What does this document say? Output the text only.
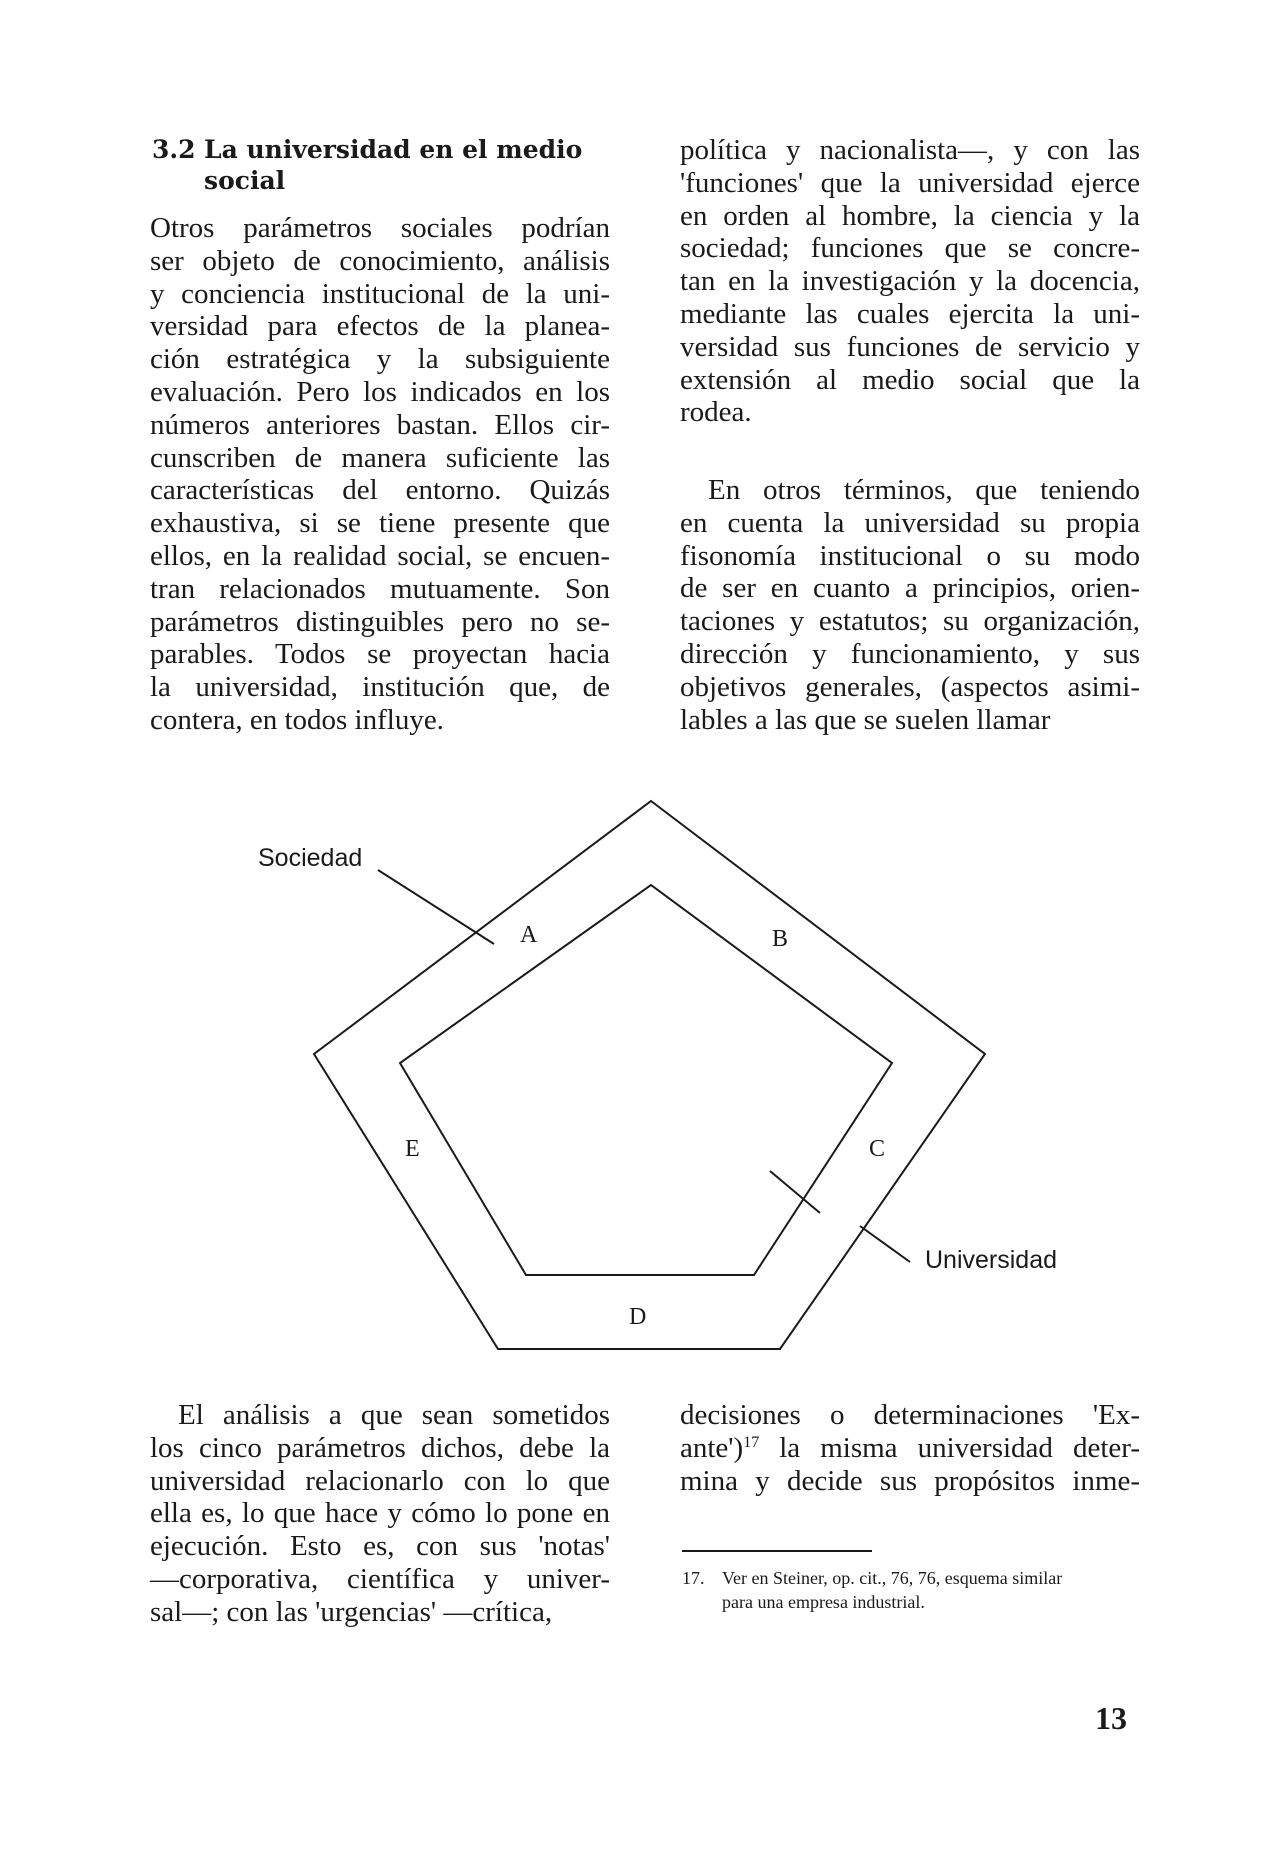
3.2 La universidad en el medio
social
Otros parámetros sociales podrían
ser objeto de conocimiento, análisis
y conciencia institucional de la uni-
versidad para efectos de la planea-
ción estratégica y la subsiguiente
evaluación. Pero los indicados en los
números anteriores bastan. Ellos cir-
cunscriben de manera suficiente las
características del entorno. Quizás
exhaustiva, si se tiene presente que
ellos, en la realidad social, se encuen-
tran relacionados mutuamente. Son
parámetros distinguibles pero no se-
parables. Todos se proyectan hacia
la universidad, institución que, de
contera, en todos influye.
política y nacionalista—, y con las
'funciones' que la universidad ejerce
en orden al hombre, la ciencia y la
sociedad; funciones que se concre-
tan en la investigación y la docencia,
mediante las cuales ejercita la uni-
versidad sus funciones de servicio y
extensión al medio social que la
rodea.
En otros términos, que teniendo
en cuenta la universidad su propia
fisonomía institucional o su modo
de ser en cuanto a principios, orien-
taciones y estatutos; su organización,
dirección y funcionamiento, y sus
objetivos generales, (aspectos asimi-
lables a las que se suelen llamar
Sociedad
Universidad
A	B
C
D
E
El análisis a que sean sometidos
los cinco parámetros dichos, debe la
universidad relacionarlo con lo que
ella es, lo que hace y cómo lo pone en
ejecución. Esto es, con sus 'notas'
—corporativa, científica y univer-
sal—; con las 'urgencias' —crítica,
decisiones o determinaciones 'Ex-
ante')$^{17}$ la misma universidad deter-
mina y decide sus propósitos inme-
17. Ver en Steiner, op. cit., 76, 76, esquema similar
para una empresa industrial.
13
